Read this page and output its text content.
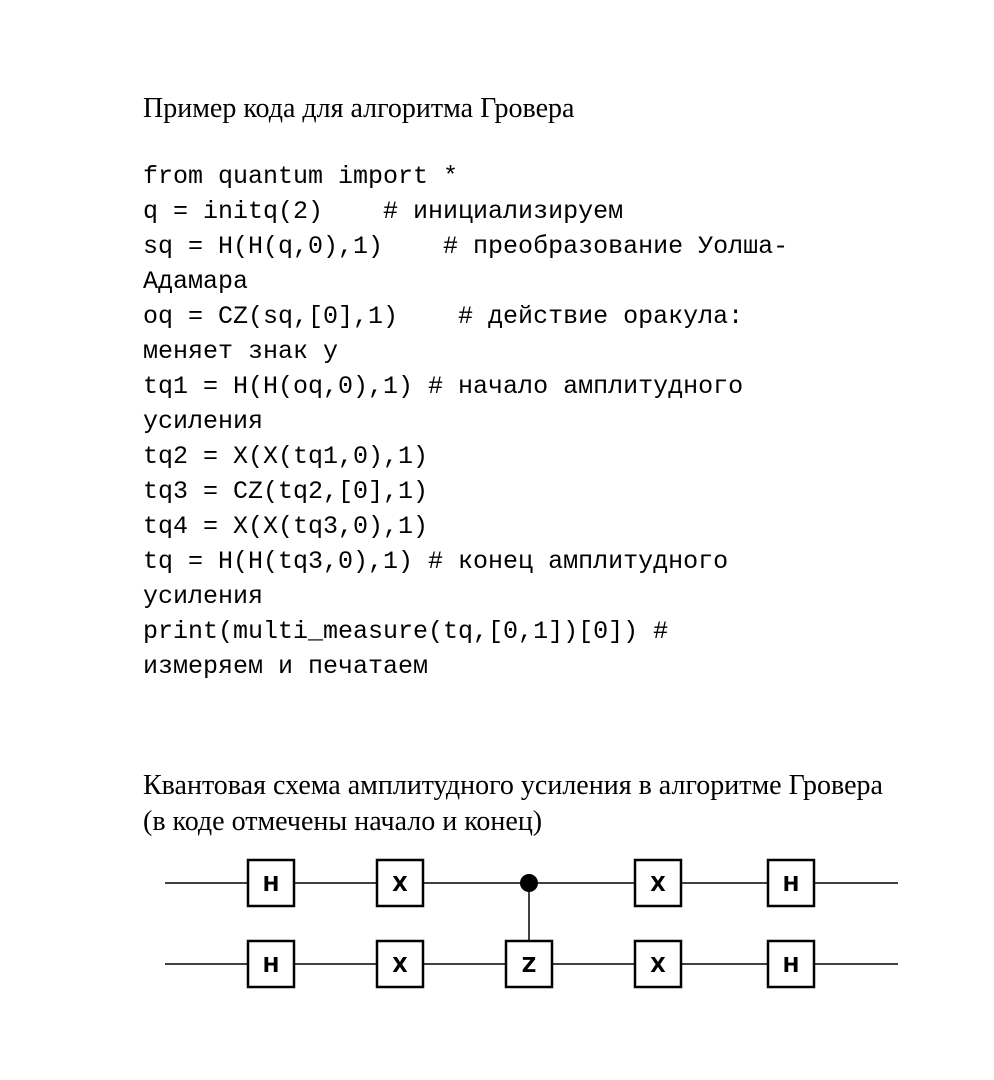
Пример кода для алгоритма Гровера
from quantum import *
q = initq(2)    # инициализируем
sq = H(H(q,0),1)    # преобразование Уолша-
Адамара
oq = CZ(sq,[0],1)    # действие оракула:
меняет знак у
tq1 = H(H(oq,0),1) # начало амплитудного
усиления
tq2 = X(X(tq1,0),1)
tq3 = CZ(tq2,[0],1)
tq4 = X(X(tq3,0),1)
tq = H(H(tq3,0),1) # конец амплитудного
усиления
print(multi_measure(tq,[0,1])[0]) #
измеряем и печатаем

Квантовая схема амплитудного усиления в алгоритме Гровера (в коде отмечены начало и конец)

H	X	X	H
H	X	Z	X	H
